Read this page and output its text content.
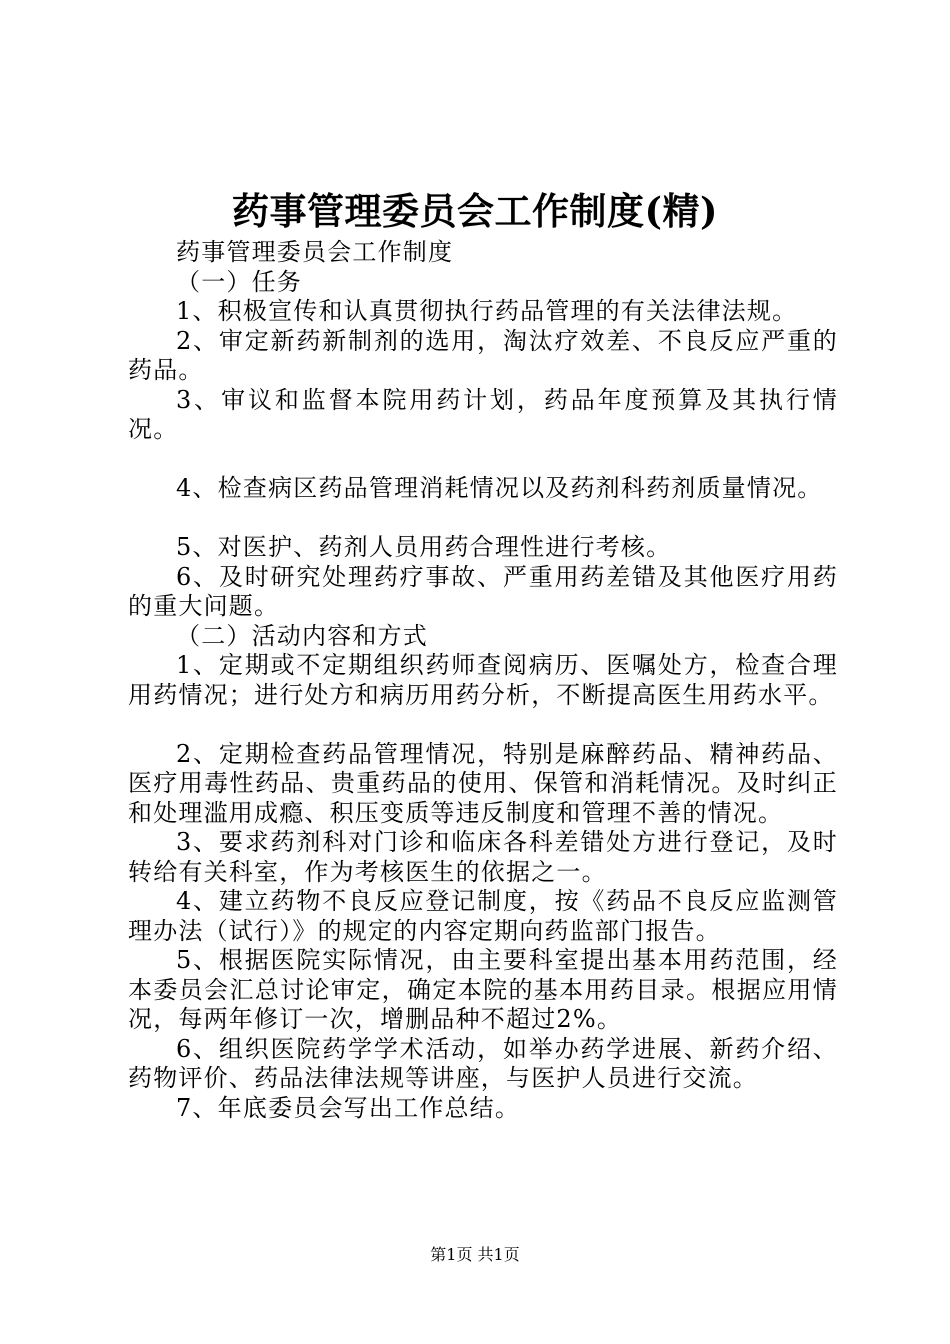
药事管理委员会工作制度(精)

药事管理委员会工作制度

（一）任务

1、积极宣传和认真贯彻执行药品管理的有关法律法规。

2、审定新药新制剂的选用，淘汰疗效差、不良反应严重的药品。

3、审议和监督本院用药计划，药品年度预算及其执行情况。

4、检查病区药品管理消耗情况以及药剂科药剂质量情况。

5、对医护、药剂人员用药合理性进行考核。

6、及时研究处理药疗事故、严重用药差错及其他医疗用药的重大问题。

（二）活动内容和方式

1、定期或不定期组织药师查阅病历、医嘱处方，检查合理用药情况；进行处方和病历用药分析，不断提高医生用药水平。

2、定期检查药品管理情况，特别是麻醉药品、精神药品、医疗用毒性药品、贵重药品的使用、保管和消耗情况。及时纠正和处理滥用成瘾、积压变质等违反制度和管理不善的情况。

3、要求药剂科对门诊和临床各科差错处方进行登记，及时转给有关科室，作为考核医生的依据之一。

4、建立药物不良反应登记制度，按《药品不良反应监测管理办法（试行）》的规定的内容定期向药监部门报告。

5、根据医院实际情况，由主要科室提出基本用药范围，经本委员会汇总讨论审定，确定本院的基本用药目录。根据应用情况，每两年修订一次，增删品种不超过2%。

6、组织医院药学学术活动，如举办药学进展、新药介绍、药物评价、药品法律法规等讲座，与医护人员进行交流。

7、年底委员会写出工作总结。

第1页 共1页
